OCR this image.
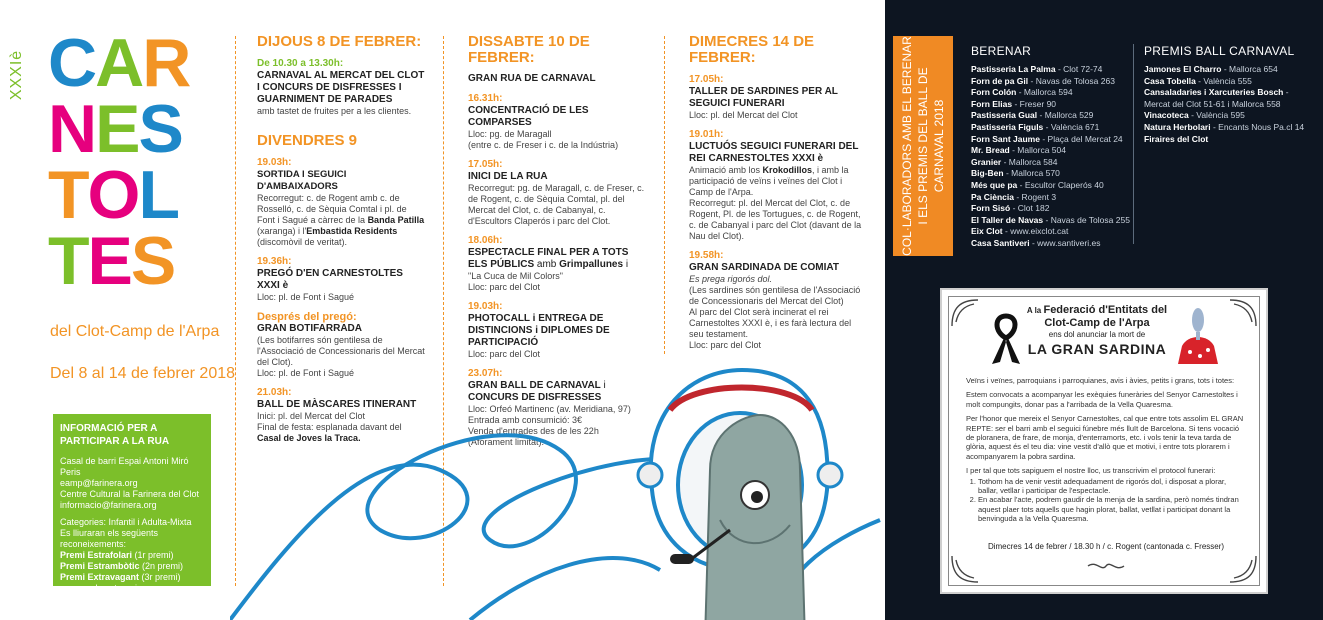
XXXIè C A R
N E S
T O L
T E S
del Clot-Camp de l'Arpa
Del 8 al 14 de febrer 2018
INFORMACIÓ PER A PARTICIPAR A LA RUA
Casal de barri Espai Antoni Miró Peris
eamp@farinera.org
Centre Cultural la Farinera del Clot
informacio@farinera.org
Categories: Infantil i Adulta-Mixta
Es lliuraran els següents reconeixements:
Premi Estrafolari (1r premi)
Premi Estrambòtic (2n premi)
Premi Extravagant (3r premi)
per a cada categoria
(Infantils i Adults/Mixtes)
DIJOUS 8 DE FEBRER:
De 10.30 a 13.30h:
CARNAVAL AL MERCAT DEL CLOT I CONCURS DE DISFRESSES I GUARNIMENT DE PARADES
amb tastet de fruites per a les clientes.
DIVENDRES 9
19.03h:
SORTIDA I SEGUICI D'AMBAIXADORS
Recorregut: c. de Rogent amb c. de Rosselló, c. de Sèquia Comtal i pl. de Font i Sagué a càrrec de la Banda Patilla (xaranga) i l'Embastida Residents (discomòvil de veritat).
19.36h:
PREGÓ D'EN CARNESTOLTES XXXI è
Lloc: pl. de Font i Sagué
Després del pregó:
GRAN BOTIFARRADA
(Les botifarres són gentilesa de l'Associació de Concessionaris del Mercat del Clot).
Lloc: pl. de Font i Sagué
21.03h:
BALL DE MÀSCARES ITINERANT
Inici: pl. del Mercat del Clot
Final de festa: esplanada davant del
Casal de Joves la Traca.
DISSABTE 10 DE FEBRER:
GRAN RUA DE CARNAVAL
16.31h:
CONCENTRACIÓ DE LES COMPARSES
Lloc: pg. de Maragall
(entre c. de Freser i c. de la Indústria)
17.05h:
INICI DE LA RUA
Recorregut: pg. de Maragall, c. de Freser, c. de Rogent, c. de Sèquia Comtal, pl. del Mercat del Clot, c. de Cabanyal, c. d'Escultors Claperós i parc del Clot.
18.06h:
ESPECTACLE FINAL PER A TOTS ELS PÚBLICS amb Grimpallunes i
"La Cuca de Mil Colors"
Lloc: parc del Clot
19.03h:
PHOTOCALL i ENTREGA DE DISTINCIONS i DIPLOMES DE PARTICIPACIÓ
Lloc: parc del Clot
23.07h:
GRAN BALL DE CARNAVAL i CONCURS DE DISFRESSES
Lloc: Orfeó Martinenc (av. Meridiana, 97)
Entrada amb consumició: 3€
Venda d'entrades des de les 22h
(Aforament limitat).
DIMECRES 14 DE FEBRER:
17.05h:
TALLER DE SARDINES PER AL SEGUICI FUNERARI
Lloc: pl. del Mercat del Clot
19.01h:
LUCTUÓS SEGUICI FUNERARI DEL REI CARNESTOLTES XXXI è
Animació amb los Krokodillos, i amb la participació de veïns i veïnes del Clot i Camp de l'Arpa.
Recorregut: pl. del Mercat del Clot, c. de Rogent, Pl. de les Tortugues, c. de Rogent, c. de Cabanyal i parc del Clot (davant de la Nau del Clot).
19.58h:
GRAN SARDINADA DE COMIAT
Es prega rigorós dol.
(Les sardines són gentilesa de l'Associació de Concessionaris del Mercat del Clot)
Al parc del Clot serà incinerat el rei Carnestoltes XXXI è, i es farà lectura del seu testament.
Lloc: parc del Clot
COL·LABORADORS AMB EL BERENAR I ELS PREMIS DEL BALL DE CARNAVAL 2018
BERENAR
Pastisseria La Palma - Clot 72-74
Forn de pa Gil - Navas de Tolosa 263
Forn Colón - Mallorca 594
Forn Elias - Freser 90
Pastisseria Gual - Mallorca 529
Pastisseria Figuls - València 671
Forn Sant Jaume - Plaça del Mercat 24
Mr. Bread - Mallorca 504
Granier - Mallorca 584
Big-Ben - Mallorca 570
Més que pa - Escultor Claperós 40
Pa Ciència - Rogent 3
Forn Sisó - Clot 182
El Taller de Navas - Navas de Tolosa 255
Eix Clot - www.eixclot.cat
Casa Santiveri - www.santiveri.es
PREMIS BALL CARNAVAL
Jamones El Charro - Mallorca 654
Casa Tobella - València 555
Cansaladaries i Xarcuteries Bosch - Mercat del Clot 51-61 i Mallorca 558
Vinacoteca - València 595
Natura Herbolari - Encants Nous Pa.cl 14
Firaires del Clot
A la Federació d'Entitats del Clot-Camp de l'Arpa
ens dol anunciar la mort de
LA GRAN SARDINA

Veïns i veïnes, parroquians i parroquianes, avis i àvies, petits i grans, tots i totes:

Estem convocats a acompanyar les exèquies funeràries del Senyor Carnestoltes i molt compungits, donar pas a l'arribada de la Vella Quaresma.

Per l'honor que mereix el Senyor Carnestoltes, cal que entre tots assolim EL GRAN REPTE: ser el barri amb el seguici fúnebre més lluït de Barcelona. Si tens vocació de ploranera, de frare, de monja, d'enterramorts, etc. i vols tenir la teva tarda de glòria, aquest és el teu dia: vine vestit d'allò que et motivi, i entre tots plorarem i acompanyarem la pobra sardina.

I per tal que tots sapiguem el nostre lloc, us transcrivim el protocol funerari:

1. Tothom ha de venir vestit adequadament de rigorós dol, i disposat a plorar, ballar, vetllar i participar de l'espectacle.
2. En acabar l'acte, podrem gaudir de la menja de la sardina, però només tindran aquest plaer tots aquells que hagin plorat, ballat, vetllat i participat donant la benvinguda a la Vella Quaresma.
Dimecres 14 de febrer / 18.30 h / c. Rogent (cantonada c. Fresser)
